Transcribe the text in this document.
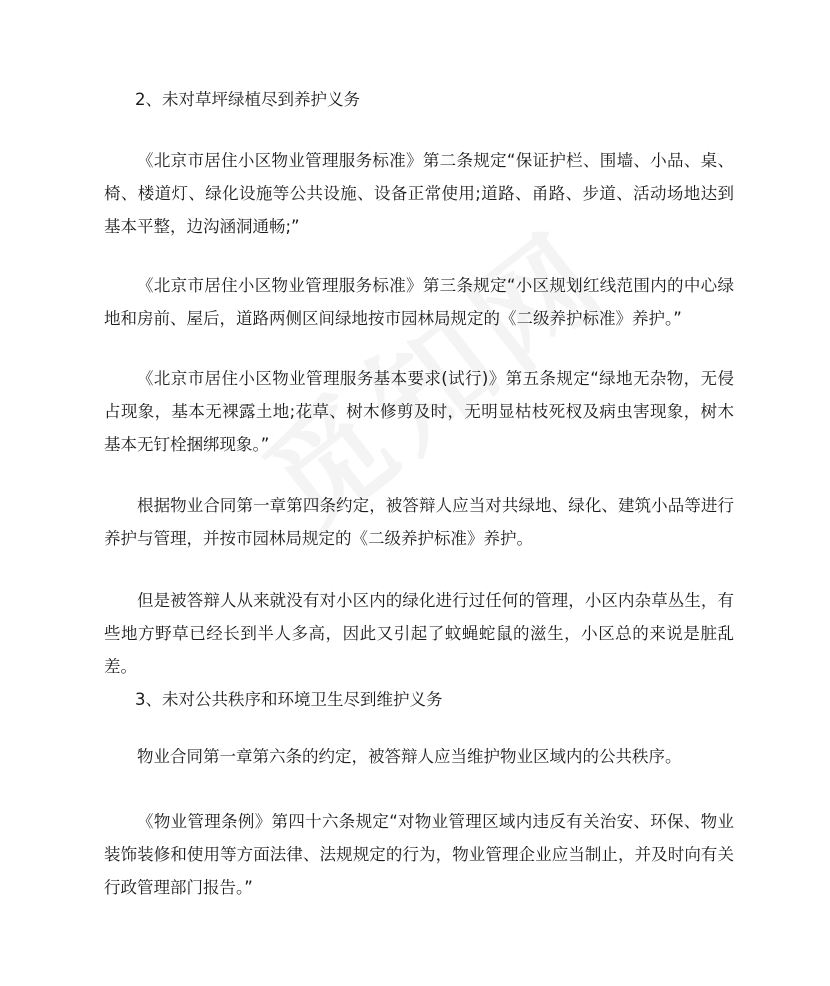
2、未对草坪绿植尽到养护义务
《北京市居住小区物业管理服务标准》第二条规定“保证护栏、围墙、小品、桌、椅、楼道灯、绿化设施等公共设施、设备正常使用;道路、甬路、步道、活动场地达到基本平整，边沟涵洞通畅;”
《北京市居住小区物业管理服务标准》第三条规定“小区规划红线范围内的中心绿地和房前、屋后，道路两侧区间绿地按市园林局规定的《二级养护标准》养护。”
《北京市居住小区物业管理服务基本要求(试行)》第五条规定“绿地无杂物，无侵占现象，基本无裸露土地;花草、树木修剪及时，无明显枯枝死杈及病虫害现象，树木基本无钉栓捆绑现象。”
根据物业合同第一章第四条约定，被答辩人应当对共绿地、绿化、建筑小品等进行养护与管理，并按市园林局规定的《二级养护标准》养护。
但是被答辩人从来就没有对小区内的绿化进行过任何的管理，小区内杂草丛生，有些地方野草已经长到半人多高，因此又引起了蚊蝇蛇鼠的滋生，小区总的来说是脏乱差。
3、未对公共秩序和环境卫生尽到维护义务
物业合同第一章第六条的约定，被答辩人应当维护物业区域内的公共秩序。
《物业管理条例》第四十六条规定“对物业管理区域内违反有关治安、环保、物业装饰装修和使用等方面法律、法规规定的行为，物业管理企业应当制止，并及时向有关行政管理部门报告。”
